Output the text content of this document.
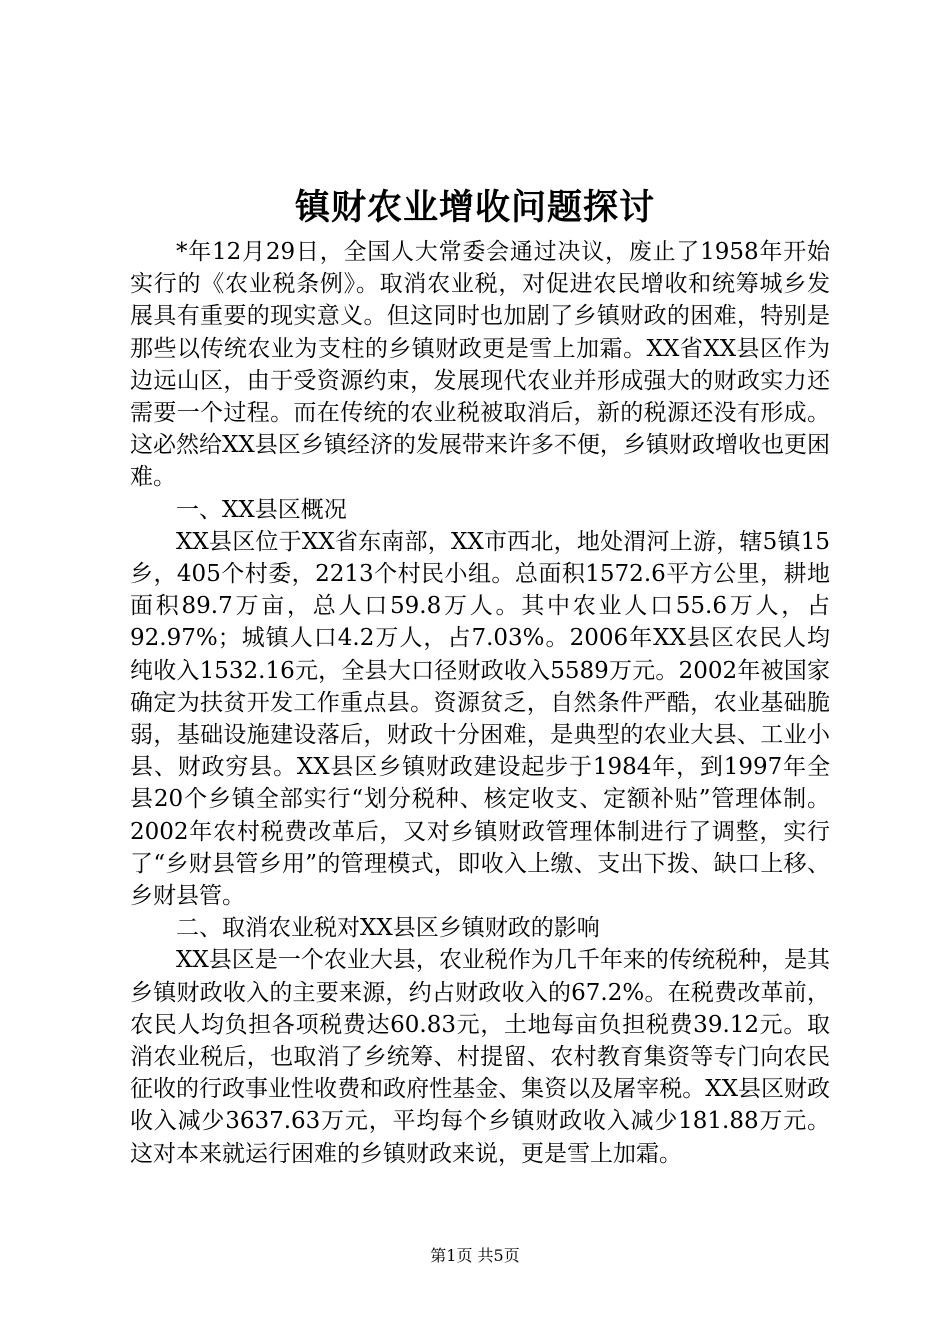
镇财农业增收问题探讨

*年12月29日，全国人大常委会通过决议，废止了1958年开始实行的《农业税条例》。取消农业税，对促进农民增收和统筹城乡发展具有重要的现实意义。但这同时也加剧了乡镇财政的困难，特别是那些以传统农业为支柱的乡镇财政更是雪上加霜。XX省XX县区作为边远山区，由于受资源约束，发展现代农业并形成强大的财政实力还需要一个过程。而在传统的农业税被取消后，新的税源还没有形成。这必然给XX县区乡镇经济的发展带来许多不便，乡镇财政增收也更困难。

一、XX县区概况

XX县区位于XX省东南部，XX市西北，地处渭河上游，辖5镇15乡，405个村委，2213个村民小组。总面积1572.6平方公里，耕地面积89.7万亩，总人口59.8万人。其中农业人口55.6万人，占92.97%；城镇人口4.2万人，占7.03%。2006年XX县区农民人均纯收入1532.16元，全县大口径财政收入5589万元。2002年被国家确定为扶贫开发工作重点县。资源贫乏，自然条件严酷，农业基础脆弱，基础设施建设落后，财政十分困难，是典型的农业大县、工业小县、财政穷县。XX县区乡镇财政建设起步于1984年，到1997年全县20个乡镇全部实行“划分税种、核定收支、定额补贴”管理体制。2002年农村税费改革后，又对乡镇财政管理体制进行了调整，实行了“乡财县管乡用”的管理模式，即收入上缴、支出下拨、缺口上移、乡财县管。

二、取消农业税对XX县区乡镇财政的影响

XX县区是一个农业大县，农业税作为几千年来的传统税种，是其乡镇财政收入的主要来源，约占财政收入的67.2%。在税费改革前，农民人均负担各项税费达60.83元，土地每亩负担税费39.12元。取消农业税后，也取消了乡统筹、村提留、农村教育集资等专门向农民征收的行政事业性收费和政府性基金、集资以及屠宰税。XX县区财政收入减少3637.63万元，平均每个乡镇财政收入减少181.88万元。这对本来就运行困难的乡镇财政来说，更是雪上加霜。

第1页 共5页
